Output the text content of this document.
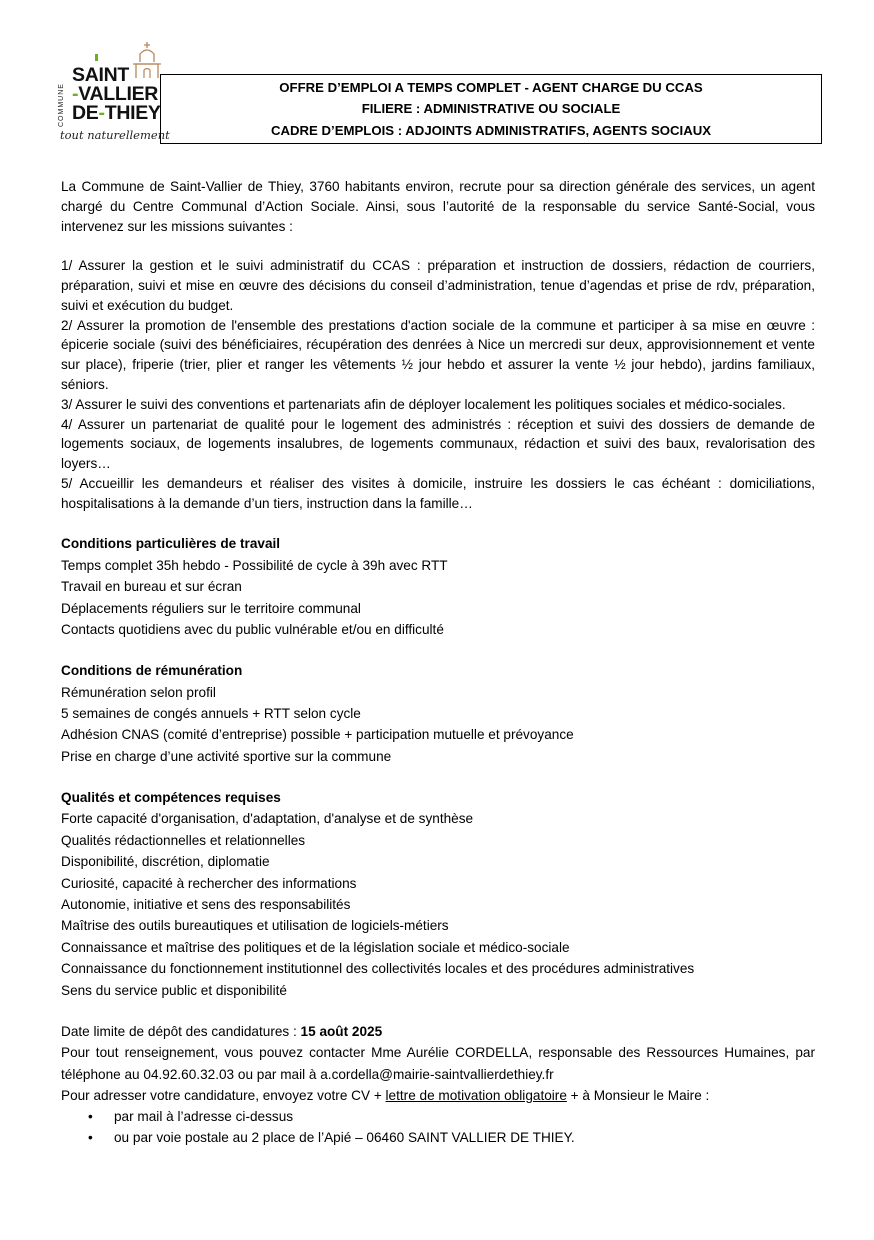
COMMUNE
SAINT
-VALLIER
DE-THIEY
tout naturellement
OFFRE D’EMPLOI A TEMPS COMPLET - AGENT CHARGE DU CCAS
FILIERE : ADMINISTRATIVE OU SOCIALE
CADRE D’EMPLOIS : ADJOINTS ADMINISTRATIFS, AGENTS SOCIAUX

La Commune de Saint-Vallier de Thiey, 3760 habitants environ, recrute pour sa direction générale des services, un agent chargé du Centre Communal d’Action Sociale. Ainsi, sous l’autorité de la responsable du service Santé-Social, vous intervenez sur les missions suivantes :

1/ Assurer la gestion et le suivi administratif du CCAS : préparation et instruction de dossiers, rédaction de courriers, préparation, suivi et mise en œuvre des décisions du conseil d’administration, tenue d’agendas et prise de rdv, préparation, suivi et exécution du budget.

2/ Assurer la promotion de l'ensemble des prestations d'action sociale de la commune et participer à sa mise en œuvre : épicerie sociale (suivi des bénéficiaires, récupération des denrées à Nice un mercredi sur deux, approvisionnement et vente sur place), friperie (trier, plier et ranger les vêtements ½ jour hebdo et assurer la vente ½ jour hebdo), jardins familiaux, séniors.

3/ Assurer le suivi des conventions et partenariats afin de déployer localement les politiques sociales et médico-sociales.

4/ Assurer un partenariat de qualité pour le logement des administrés : réception et suivi des dossiers de demande de logements sociaux, de logements insalubres, de logements communaux, rédaction et suivi des baux, revalorisation des loyers…

5/ Accueillir les demandeurs et réaliser des visites à domicile, instruire les dossiers le cas échéant : domiciliations, hospitalisations à la demande d’un tiers, instruction dans la famille…

Conditions particulières de travail

Temps complet 35h hebdo - Possibilité de cycle à 39h avec RTT

Travail en bureau et sur écran

Déplacements réguliers sur le territoire communal

Contacts quotidiens avec du public vulnérable et/ou en difficulté

Conditions de rémunération

Rémunération selon profil

5 semaines de congés annuels + RTT selon cycle

Adhésion CNAS (comité d’entreprise) possible + participation mutuelle et prévoyance

Prise en charge d’une activité sportive sur la commune

Qualités et compétences requises

Forte capacité d'organisation, d'adaptation, d'analyse et de synthèse

Qualités rédactionnelles et relationnelles

Disponibilité, discrétion, diplomatie

Curiosité, capacité à rechercher des informations

Autonomie, initiative et sens des responsabilités

Maîtrise des outils bureautiques et utilisation de logiciels-métiers

Connaissance et maîtrise des politiques et de la législation sociale et médico-sociale

Connaissance du fonctionnement institutionnel des collectivités locales et des procédures administratives

Sens du service public et disponibilité

Date limite de dépôt des candidatures : 15 août 2025

Pour tout renseignement, vous pouvez contacter Mme Aurélie CORDELLA, responsable des Ressources Humaines, par téléphone au 04.92.60.32.03 ou par mail à a.cordella@mairie-saintvallierdethiey.fr

Pour adresser votre candidature, envoyez votre CV + lettre de motivation obligatoire + à Monsieur le Maire :

• par mail à l’adresse ci-dessus
• ou par voie postale au 2 place de l’Apié – 06460 SAINT VALLIER DE THIEY.
